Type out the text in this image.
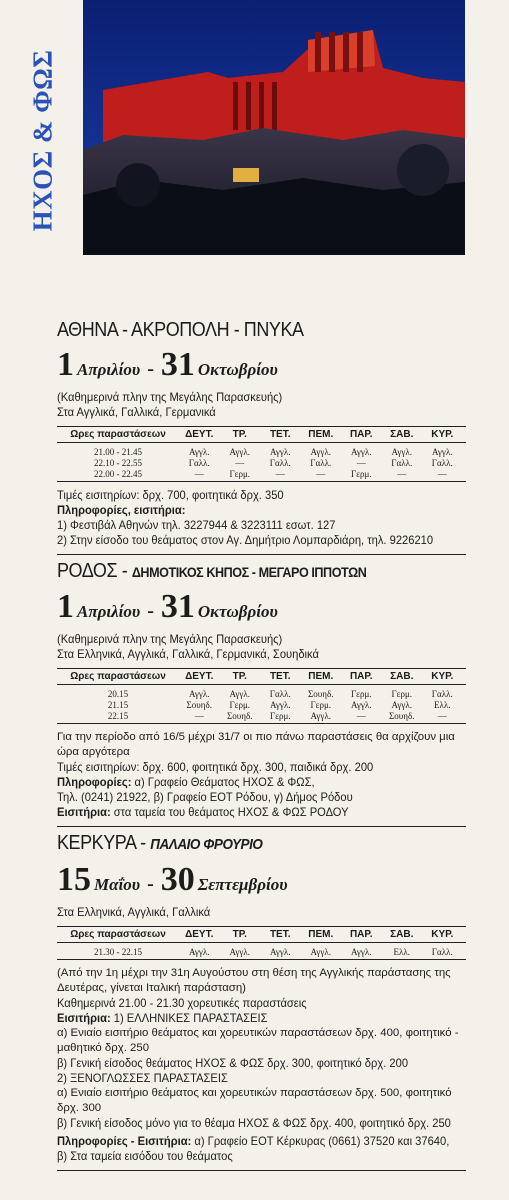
ΗΧΟΣ & ΦΩΣ
ΑΘΗΝΑ - ΑΚΡΟΠΟΛΗ - ΠΝΥΚΑ
1 Απριλίου - 31 Οκτωβρίου
(Καθημερινά πλην της Μεγάλης Παρασκευής)
Στα Αγγλικά, Γαλλικά, Γερμανικά
Ωρες παραστάσεων	ΔΕΥΤ.	ΤΡ.	ΤΕΤ.	ΠΕΜ.	ΠΑΡ.	ΣΑΒ.	ΚΥΡ.
21.00 - 21.45	Αγγλ.	Αγγλ.	Αγγλ.	Αγγλ.	Αγγλ.	Αγγλ.	Αγγλ.
22.10 - 22.55	Γαλλ.	—	Γαλλ.	Γαλλ.	—	Γαλλ.	Γαλλ.
22.00 - 22.45	—	Γερμ.	—	—	Γερμ.	—	—
Τιμές εισιτηρίων: δρχ. 700, φοιτητικά δρχ. 350
Πληροφορίες, εισιτήρια:
1) Φεστιβάλ Αθηνών τηλ. 3227944 & 3223111 εσωτ. 127
2) Στην είσοδο του θεάματος στον Αγ. Δημήτριο Λομπαρδιάρη, τηλ. 9226210
ΡΟΔΟΣ - ΔΗΜΟΤΙΚΟΣ ΚΗΠΟΣ - ΜΕΓΑΡΟ ΙΠΠΟΤΩΝ
1 Απριλίου - 31 Οκτωβρίου
(Καθημερινά πλην της Μεγάλης Παρασκευής)
Στα Ελληνικά, Αγγλικά, Γαλλικά, Γερμανικά, Σουηδικά
Ωρες παραστάσεων	ΔΕΥΤ.	ΤΡ.	ΤΕΤ.	ΠΕΜ.	ΠΑΡ.	ΣΑΒ.	ΚΥΡ.
20.15	Αγγλ.	Αγγλ.	Γαλλ.	Σουηδ.	Γερμ.	Γερμ.	Γαλλ.
21.15	Σουηδ.	Γερμ.	Αγγλ.	Γερμ.	Αγγλ.	Αγγλ.	Ελλ.
22.15	—	Σουηδ.	Γερμ.	Αγγλ.	—	Σουηδ.	—
Για την περίοδο από 16/5 μέχρι 31/7 οι πιο πάνω παραστάσεις θα αρχίζουν μια ώρα αργότερα
Τιμές εισιτηρίων: δρχ. 600, φοιτητικά δρχ. 300, παιδικά δρχ. 200
Πληροφορίες: α) Γραφείο Θεάματος ΗΧΟΣ & ΦΩΣ,
Τηλ. (0241) 21922, β) Γραφείο ΕΟΤ Ρόδου, γ) Δήμος Ρόδου
Εισιτήρια: στα ταμεία του θεάματος ΗΧΟΣ & ΦΩΣ ΡΟΔΟΥ
ΚΕΡΚΥΡΑ - ΠΑΛΑΙΟ ΦΡΟΥΡΙΟ
15 Μαΐου - 30 Σεπτεμβρίου
Στα Ελληνικά, Αγγλικά, Γαλλικά
Ωρες παραστάσεων	ΔΕΥΤ.	ΤΡ.	ΤΕΤ.	ΠΕΜ.	ΠΑΡ.	ΣΑΒ.	ΚΥΡ.
21.30 - 22.15	Αγγλ.	Αγγλ.	Αγγλ.	Αγγλ.	Αγγλ.	Ελλ.	Γαλλ.
(Από την 1η μέχρι την 31η Αυγούστου στη θέση της Αγγλικής παράστασης της Δευτέρας, γίνεται Ιταλική παράσταση)
Καθημερινά 21.00 - 21.30 χορευτικές παραστάσεις
Εισιτήρια: 1) ΕΛΛΗΝΙΚΕΣ ΠΑΡΑΣΤΑΣΕΙΣ
α) Ενιαίο εισιτήριο θεάματος και χορευτικών παραστάσεων δρχ. 400, φοιτητικό - μαθητικό δρχ. 250
β) Γενική είσοδος θεάματος ΗΧΟΣ & ΦΩΣ δρχ. 300, φοιτητικό δρχ. 200
2) ΞΕΝΟΓΛΩΣΣΕΣ ΠΑΡΑΣΤΑΣΕΙΣ
α) Ενιαίο εισιτήριο θεάματος και χορευτικών παραστάσεων δρχ. 500, φοιτητικό δρχ. 300
β) Γενική είσοδος μόνο για το θέαμα ΗΧΟΣ & ΦΩΣ δρχ. 400, φοιτητικό δρχ. 250
Πληροφορίες - Εισιτήρια: α) Γραφείο ΕΟΤ Κέρκυρας (0661) 37520 και 37640,
β) Στα ταμεία εισόδου του θεάματος
